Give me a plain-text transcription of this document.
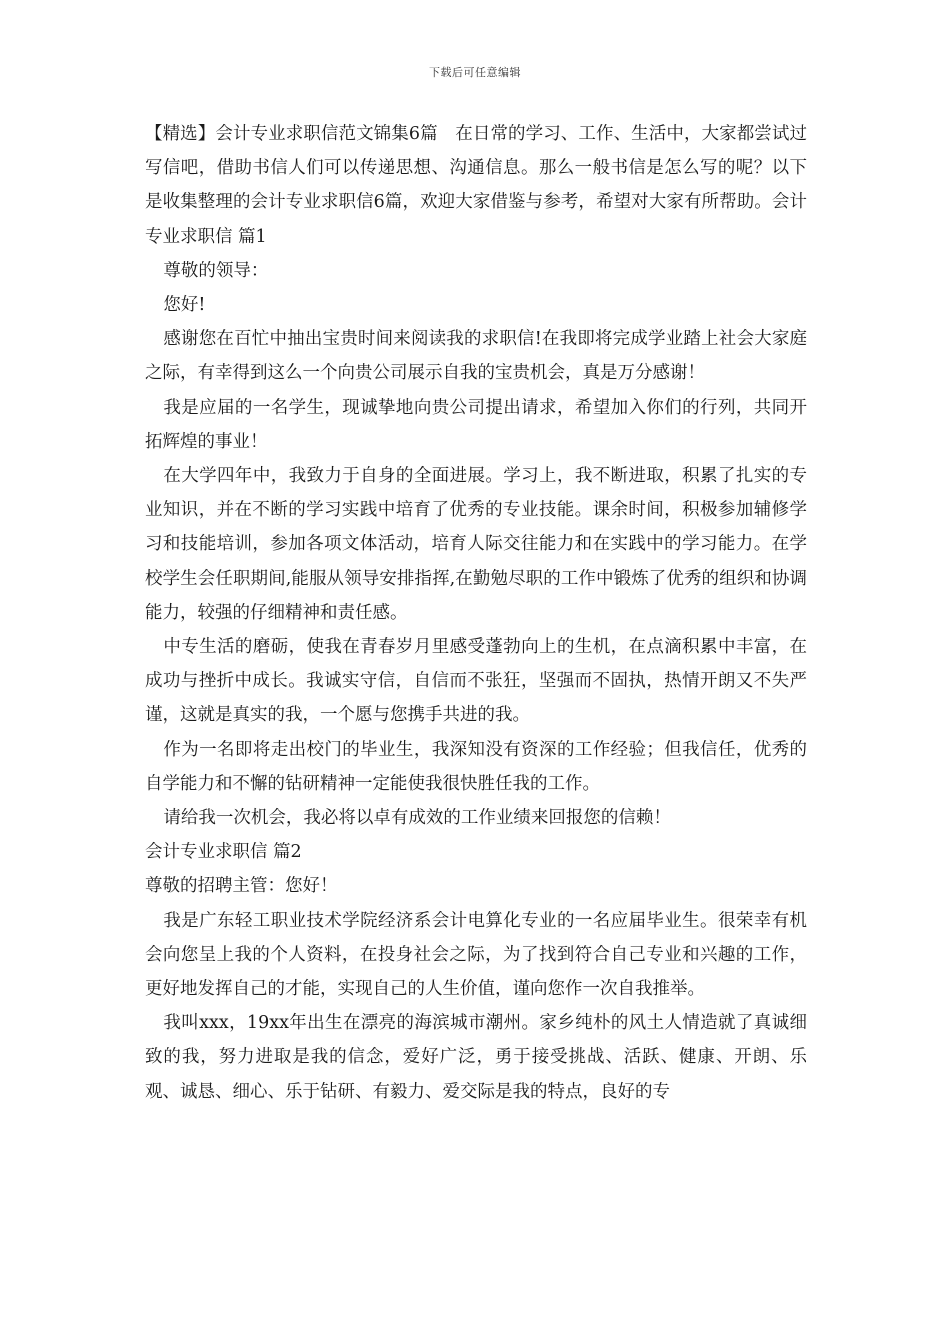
下载后可任意编辑

【精选】会计专业求职信范文锦集6篇　在日常的学习、工作、生活中，大家都尝试过写信吧，借助书信人们可以传递思想、沟通信息。那么一般书信是怎么写的呢？以下是收集整理的会计专业求职信6篇，欢迎大家借鉴与参考，希望对大家有所帮助。会计专业求职信 篇1

尊敬的领导：

您好!

感谢您在百忙中抽出宝贵时间来阅读我的求职信!在我即将完成学业踏上社会大家庭之际，有幸得到这么一个向贵公司展示自我的宝贵机会，真是万分感谢！

我是应届的一名学生，现诚挚地向贵公司提出请求，希望加入你们的行列，共同开拓辉煌的事业！

在大学四年中，我致力于自身的全面进展。学习上，我不断进取，积累了扎实的专业知识，并在不断的学习实践中培育了优秀的专业技能。课余时间，积极参加辅修学习和技能培训，参加各项文体活动，培育人际交往能力和在实践中的学习能力。在学校学生会任职期间,能服从领导安排指挥,在勤勉尽职的工作中锻炼了优秀的组织和协调能力，较强的仔细精神和责任感。

中专生活的磨砺，使我在青春岁月里感受蓬勃向上的生机，在点滴积累中丰富，在成功与挫折中成长。我诚实守信，自信而不张狂，坚强而不固执，热情开朗又不失严谨，这就是真实的我，一个愿与您携手共进的我。

作为一名即将走出校门的毕业生，我深知没有资深的工作经验；但我信任，优秀的自学能力和不懈的钻研精神一定能使我很快胜任我的工作。

请给我一次机会，我必将以卓有成效的工作业绩来回报您的信赖！

会计专业求职信 篇2

尊敬的招聘主管：您好！

我是广东轻工职业技术学院经济系会计电算化专业的一名应届毕业生。很荣幸有机会向您呈上我的个人资料，在投身社会之际，为了找到符合自己专业和兴趣的工作，更好地发挥自己的才能，实现自己的人生价值，谨向您作一次自我推举。

我叫xxx，19xx年出生在漂亮的海滨城市潮州。家乡纯朴的风土人情造就了真诚细致的我，努力进取是我的信念，爱好广泛，勇于接受挑战、活跃、健康、开朗、乐观、诚恳、细心、乐于钻研、有毅力、爱交际是我的特点，良好的专
